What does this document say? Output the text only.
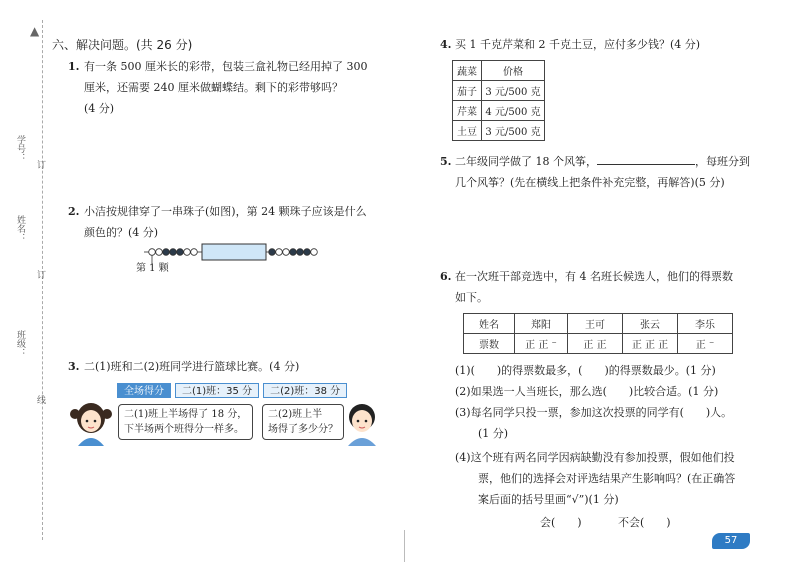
▲
学号：
姓名：
班级：
订
订
线
六、解决问题。(共 26 分)
1. 有一条 500 厘米长的彩带，包装三盒礼物已经用掉了 300
厘米，还需要 240 厘米做蝴蝶结。剩下的彩带够吗？
(4 分)
2. 小洁按规律穿了一串珠子(如图)，第 24 颗珠子应该是什么
颜色的？(4 分)
第 1 颗
3. 二(1)班和二(2)班同学进行篮球比赛。(4 分)
全场得分	二(1)班：35 分	二(2)班：38 分
二(1)班上半场得了 18 分，
下半场两个班得分一样多。
二(2)班上半
场得了多少分？
4. 买 1 千克芹菜和 2 千克土豆，应付多少钱？(4 分)
蔬菜	价格
茄子	3 元/500 克
芹菜	4 元/500 克
土豆	3 元/500 克
5. 二年级同学做了 18 个风筝，	，每班分到
几个风筝？(先在横线上把条件补充完整，再解答)(5 分)
6. 在一次班干部竞选中，有 4 名班长候选人，他们的得票数
如下。
姓名	郑阳	王可	张云	李乐
票数	正 正 ⁻	正 正	正 正 正	正 ⁻
(1)(　　)的得票数最多，(　　)的得票数最少。(1 分)
(2)如果选一人当班长，那么选(　　)比较合适。(1 分)
(3)每名同学只投一票，参加这次投票的同学有(　　)人。
(1 分)
(4)这个班有两名同学因病缺勤没有参加投票，假如他们投
票，他们的选择会对评选结果产生影响吗？(在正确答
案后面的括号里画“√”)(1 分)
会(　　)	不会(　　)
57
